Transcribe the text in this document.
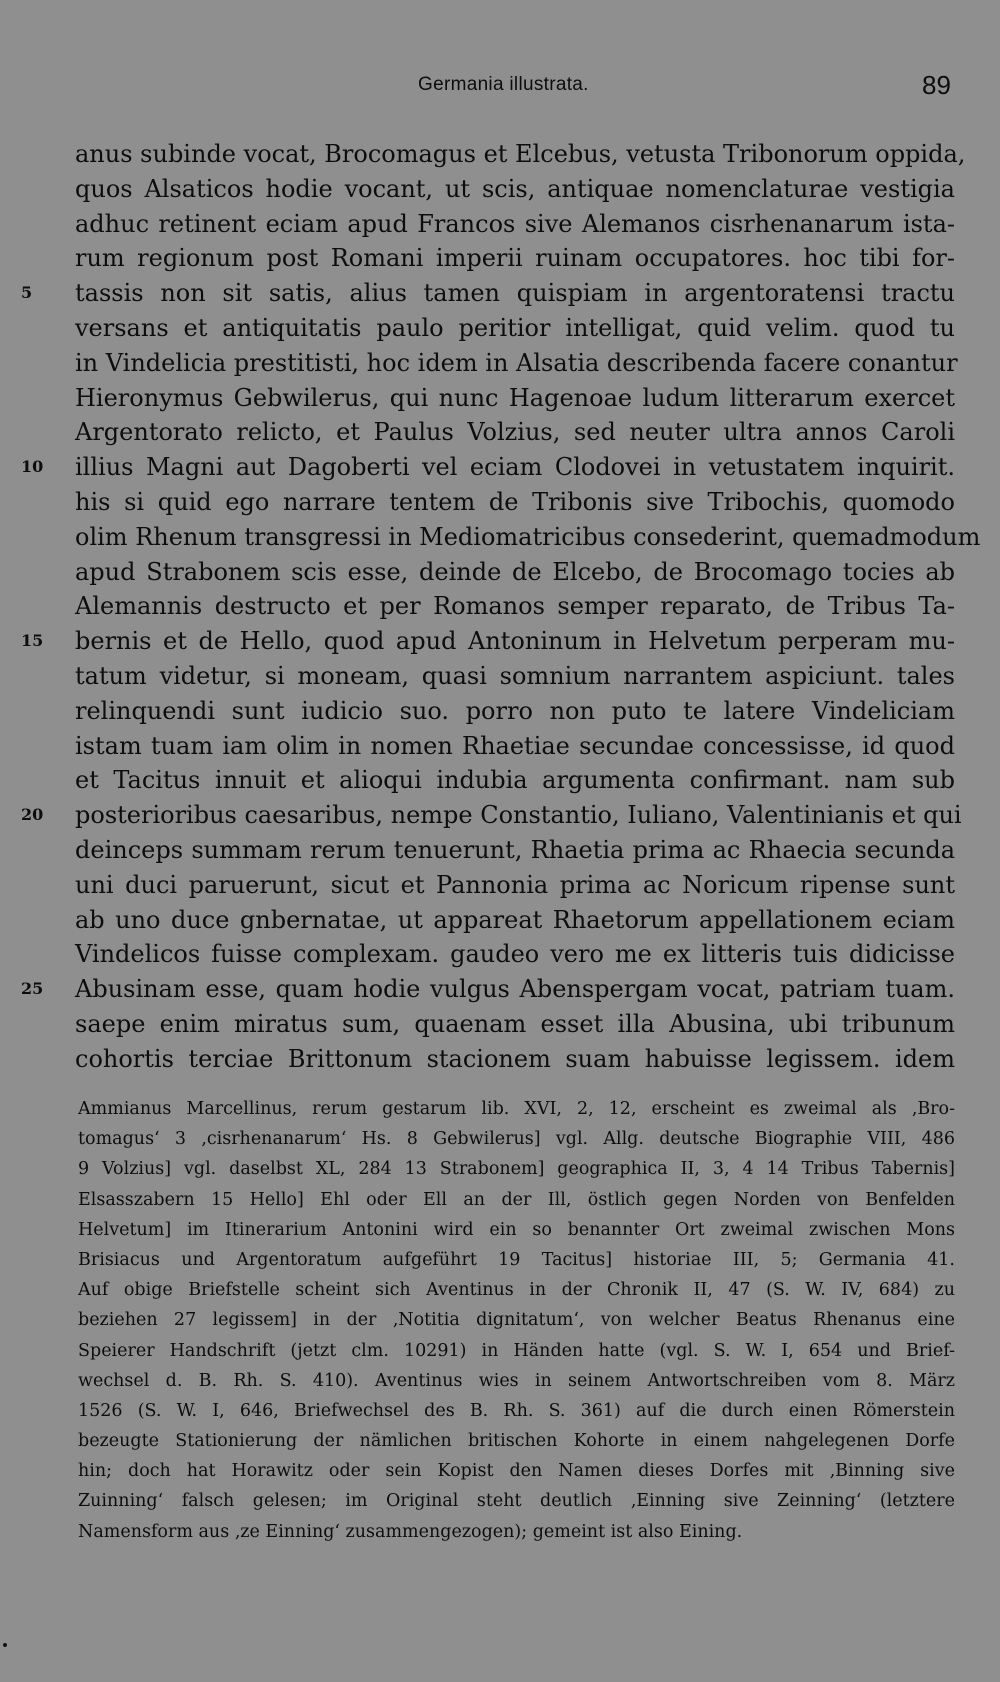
Germania illustrata.	89
anus subinde vocat, Brocomagus et Elcebus, vetusta Tribonorum oppida,
quos Alsaticos hodie vocant, ut scis, antiquae nomenclaturae vestigia
adhuc retinent eciam apud Francos sive Alemanos cisrhenanarum ista-
rum regionum post Romani imperii ruinam occupatores. hoc tibi for-
5	tassis non sit satis, alius tamen quispiam in argentoratensi tractu
versans et antiquitatis paulo peritior intelligat, quid velim. quod tu
in Vindelicia prestitisti, hoc idem in Alsatia describenda facere conantur
Hieronymus Gebwilerus, qui nunc Hagenoae ludum litterarum exercet
Argentorato relicto, et Paulus Volzius, sed neuter ultra annos Caroli
10	illius Magni aut Dagoberti vel eciam Clodovei in vetustatem inquirit.
his si quid ego narrare tentem de Tribonis sive Tribochis, quomodo
olim Rhenum transgressi in Mediomatricibus consederint, quemadmodum
apud Strabonem scis esse, deinde de Elcebo, de Brocomago tocies ab
Alemannis destructo et per Romanos semper reparato, de Tribus Ta-
15	bernis et de Hello, quod apud Antoninum in Helvetum perperam mu-
tatum videtur, si moneam, quasi somnium narrantem aspiciunt. tales
relinquendi sunt iudicio suo. porro non puto te latere Vindeliciam
istam tuam iam olim in nomen Rhaetiae secundae concessisse, id quod
et Tacitus innuit et alioqui indubia argumenta confirmant. nam sub
20	posterioribus caesaribus, nempe Constantio, Iuliano, Valentinianis et qui
deinceps summam rerum tenuerunt, Rhaetia prima ac Rhaecia secunda
uni duci paruerunt, sicut et Pannonia prima ac Noricum ripense sunt
ab uno duce gnbernatae, ut appareat Rhaetorum appellationem eciam
Vindelicos fuisse complexam. gaudeo vero me ex litteris tuis didicisse
25	Abusinam esse, quam hodie vulgus Abenspergam vocat, patriam tuam.
saepe enim miratus sum, quaenam esset illa Abusina, ubi tribunum
cohortis terciae Brittonum stacionem suam habuisse legissem. idem
Ammianus Marcellinus, rerum gestarum lib. XVI, 2, 12, erscheint es zweimal als ‚Bro-
tomagus‘ 3 ‚cisrhenanarum‘ Hs. 8 Gebwilerus] vgl. Allg. deutsche Biographie VIII, 486
9 Volzius] vgl. daselbst XL, 284 13 Strabonem] geographica II, 3, 4 14 Tribus Tabernis]
Elsasszabern 15 Hello] Ehl oder Ell an der Ill, östlich gegen Norden von Benfelden
Helvetum] im Itinerarium Antonini wird ein so benannter Ort zweimal zwischen Mons
Brisiacus und Argentoratum aufgeführt 19 Tacitus] historiae III, 5; Germania 41.
Auf obige Briefstelle scheint sich Aventinus in der Chronik II, 47 (S. W. IV, 684) zu
beziehen 27 legissem] in der ‚Notitia dignitatum‘, von welcher Beatus Rhenanus eine
Speierer Handschrift (jetzt clm. 10291) in Händen hatte (vgl. S. W. I, 654 und Brief-
wechsel d. B. Rh. S. 410). Aventinus wies in seinem Antwortschreiben vom 8. März
1526 (S. W. I, 646, Briefwechsel des B. Rh. S. 361) auf die durch einen Römerstein
bezeugte Stationierung der nämlichen britischen Kohorte in einem nahgelegenen Dorfe
hin; doch hat Horawitz oder sein Kopist den Namen dieses Dorfes mit ‚Binning sive
Zuinning‘ falsch gelesen; im Original steht deutlich ‚Einning sive Zeinning‘ (letztere
Namensform aus ‚ze Einning‘ zusammengezogen); gemeint ist also Eining.
